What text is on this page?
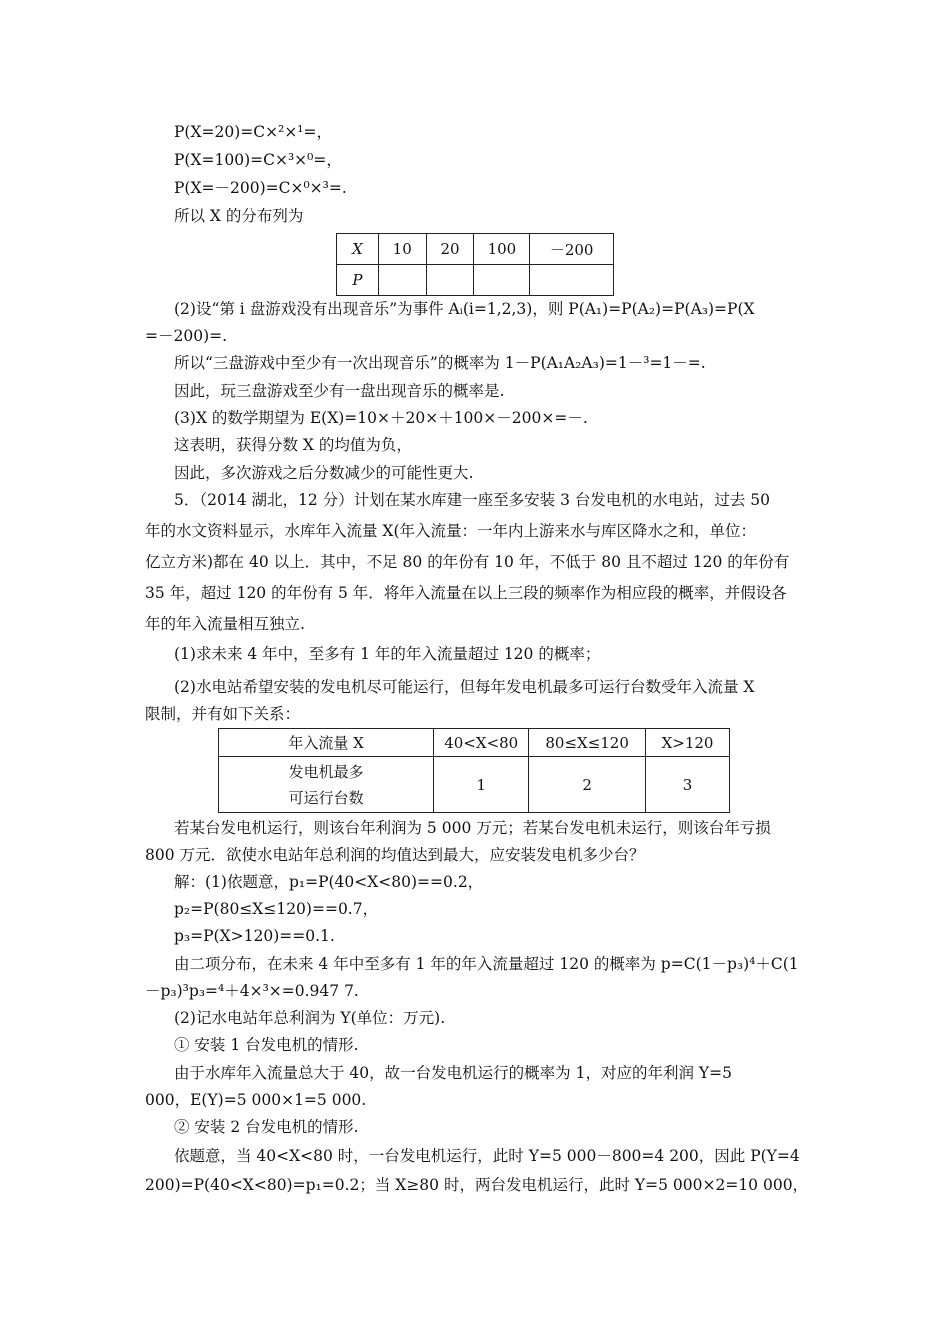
P(X=20)=C×²×¹=，
P(X=100)=C×³×⁰=，
P(X=－200)=C×⁰×³=.
所以 X 的分布列为
X	10	20	100	－200
P				
(2)设“第 i 盘游戏没有出现音乐”为事件 Aᵢ(i=1,2,3)，则 P(A₁)=P(A₂)=P(A₃)=P(X
=－200)=.
所以“三盘游戏中至少有一次出现音乐”的概率为 1－P(A₁A₂A₃)=1－³=1－=.
因此，玩三盘游戏至少有一盘出现音乐的概率是.
(3)X 的数学期望为 E(X)=10×＋20×＋100×－200×=－.
这表明，获得分数 X 的均值为负，
因此，多次游戏之后分数减少的可能性更大.
5．（2014 湖北，12 分）计划在某水库建一座至多安装 3 台发电机的水电站，过去 50
年的水文资料显示，水库年入流量 X(年入流量：一年内上游来水与库区降水之和，单位：
亿立方米)都在 40 以上．其中，不足 80 的年份有 10 年，不低于 80 且不超过 120 的年份有
35 年，超过 120 的年份有 5 年．将年入流量在以上三段的频率作为相应段的概率，并假设各
年的年入流量相互独立.
(1)求未来 4 年中，至多有 1 年的年入流量超过 120 的概率；
(2)水电站希望安装的发电机尽可能运行，但每年发电机最多可运行台数受年入流量 X
限制，并有如下关系：
年入流量 X	40<X<80	80≤X≤120	X>120

发电机最多
可运行台数	1	2	3
若某台发电机运行，则该台年利润为 5 000 万元；若某台发电机未运行，则该台年亏损
800 万元．欲使水电站年总利润的均值达到最大，应安装发电机多少台？
解：(1)依题意，p₁=P(40<X<80)==0.2，
p₂=P(80≤X≤120)==0.7，
p₃=P(X>120)==0.1.
由二项分布，在未来 4 年中至多有 1 年的年入流量超过 120 的概率为 p=C(1－p₃)⁴＋C(1
－p₃)³p₃=⁴＋4×³×=0.947 7.
(2)记水电站年总利润为 Y(单位：万元).
① 安装 1 台发电机的情形.
由于水库年入流量总大于 40，故一台发电机运行的概率为 1，对应的年利润 Y=5
000，E(Y)=5 000×1=5 000.
② 安装 2 台发电机的情形.
依题意，当 40<X<80 时，一台发电机运行，此时 Y=5 000－800=4 200，因此 P(Y=4
200)=P(40<X<80)=p₁=0.2；当 X≥80 时，两台发电机运行，此时 Y=5 000×2=10 000，
